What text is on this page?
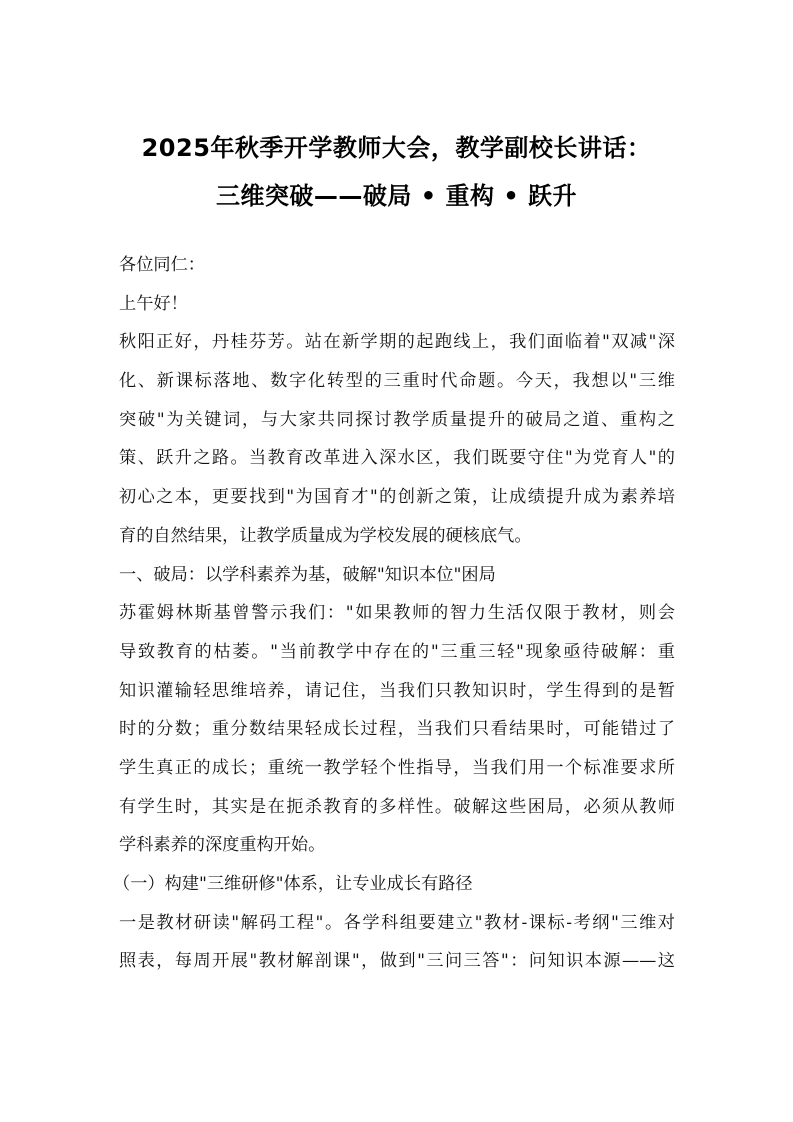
2025年秋季开学教师大会，教学副校长讲话：
三维突破——破局 • 重构 • 跃升
各位同仁：
上午好！
秋阳正好，丹桂芬芳。站在新学期的起跑线上，我们面临着"双减"深
化、新课标落地、数字化转型的三重时代命题。今天，我想以"三维
突破"为关键词，与大家共同探讨教学质量提升的破局之道、重构之
策、跃升之路。当教育改革进入深水区，我们既要守住"为党育人"的
初心之本，更要找到"为国育才"的创新之策，让成绩提升成为素养培
育的自然结果，让教学质量成为学校发展的硬核底气。
一、破局：以学科素养为基，破解"知识本位"困局
苏霍姆林斯基曾警示我们："如果教师的智力生活仅限于教材，则会
导致教育的枯萎。"当前教学中存在的"三重三轻"现象亟待破解：重
知识灌输轻思维培养，请记住，当我们只教知识时，学生得到的是暂
时的分数；重分数结果轻成长过程，当我们只看结果时，可能错过了
学生真正的成长；重统一教学轻个性指导，当我们用一个标准要求所
有学生时，其实是在扼杀教育的多样性。破解这些困局，必须从教师
学科素养的深度重构开始。
（一）构建"三维研修"体系，让专业成长有路径
一是教材研读"解码工程"。各学科组要建立"教材-课标-考纲"三维对
照表，每周开展"教材解剖课"，做到"三问三答"：问知识本源——这
